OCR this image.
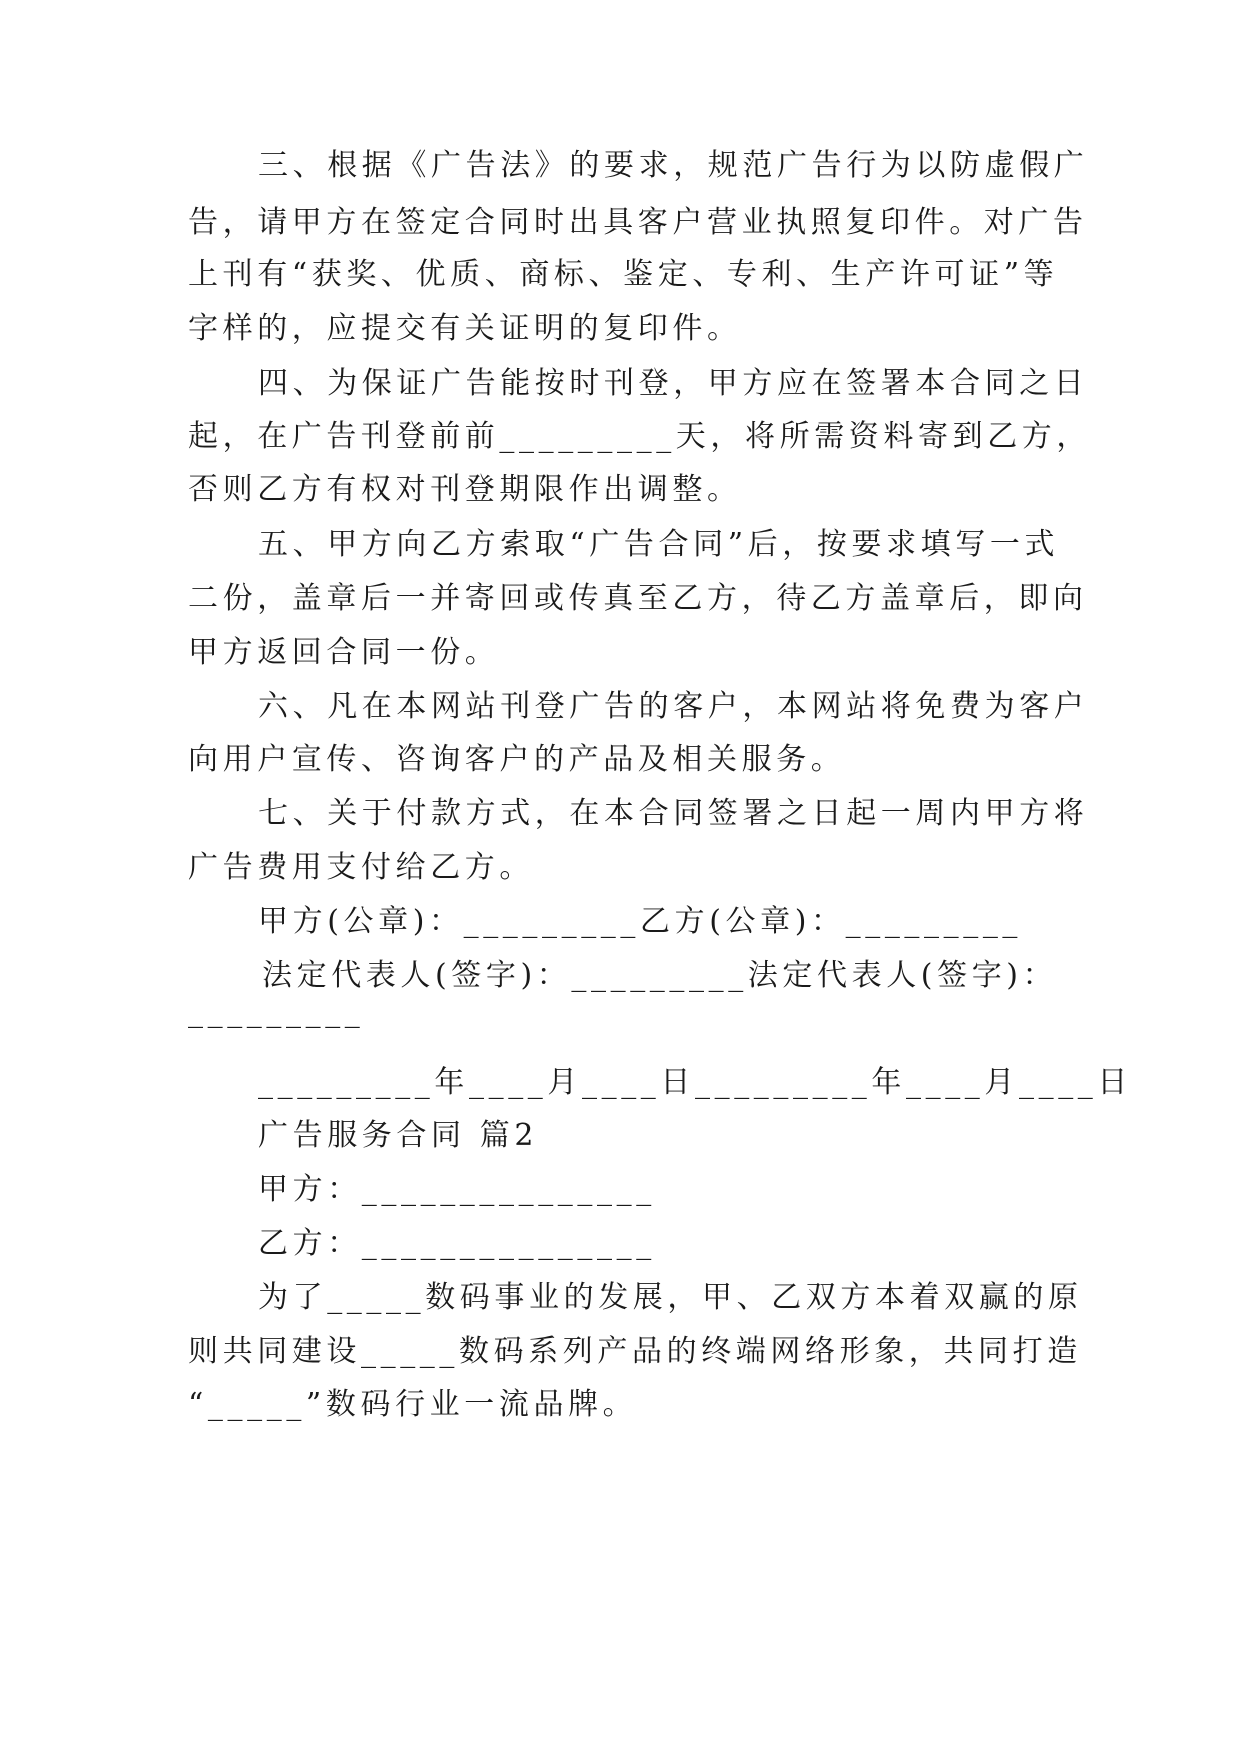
三、根据《广告法》的要求，规范广告行为以防虚假广
告，请甲方在签定合同时出具客户营业执照复印件。对广告
上刊有“获奖、优质、商标、鉴定、专利、生产许可证”等
字样的，应提交有关证明的复印件。
四、为保证广告能按时刊登，甲方应在签署本合同之日
起，在广告刊登前前_________天，将所需资料寄到乙方，
否则乙方有权对刊登期限作出调整。
五、甲方向乙方索取“广告合同”后，按要求填写一式
二份，盖章后一并寄回或传真至乙方，待乙方盖章后，即向
甲方返回合同一份。
六、凡在本网站刊登广告的客户，本网站将免费为客户
向用户宣传、咨询客户的产品及相关服务。
七、关于付款方式，在本合同签署之日起一周内甲方将
广告费用支付给乙方。
甲方(公章)：_________乙方(公章)：_________
法定代表人(签字)：_________法定代表人(签字)：
_________
_________年____月____日_________年____月____日
广告服务合同 篇2
甲方：_______________
乙方：_______________
为了_____数码事业的发展，甲、乙双方本着双赢的原
则共同建设_____数码系列产品的终端网络形象，共同打造
“_____”数码行业一流品牌。
